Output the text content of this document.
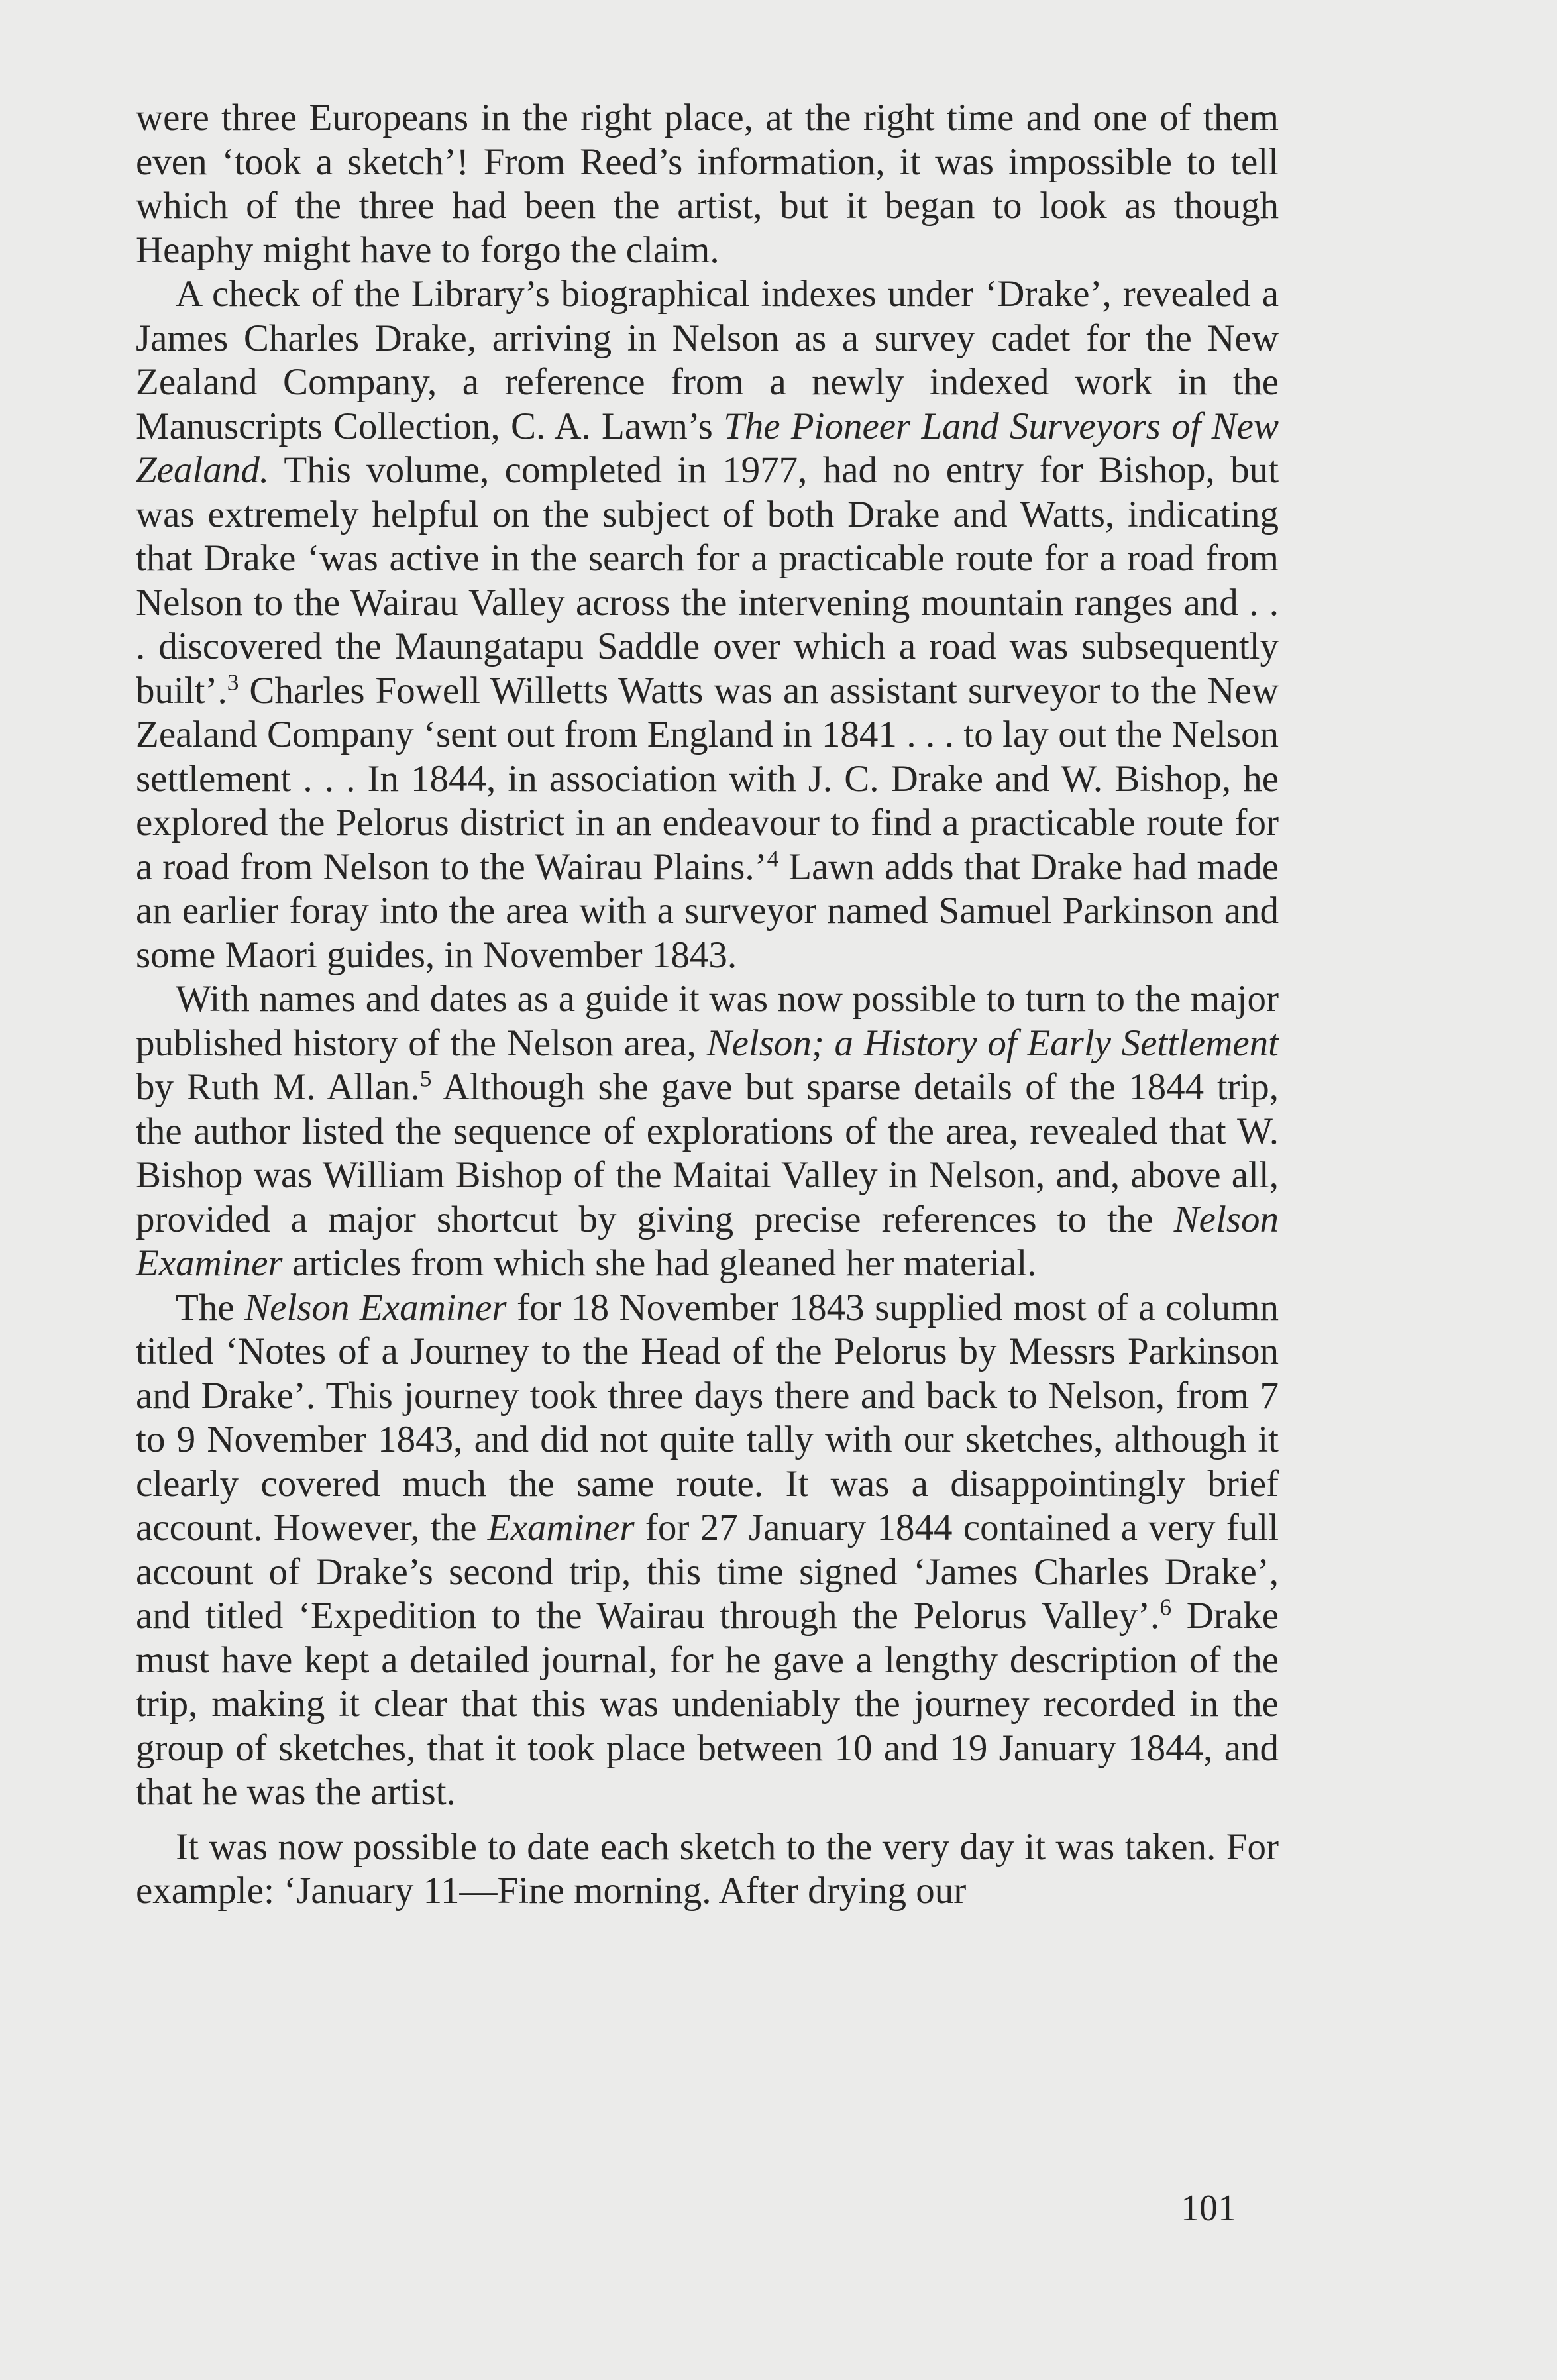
were three Europeans in the right place, at the right time and one of them even ‘took a sketch’! From Reed’s information, it was impossible to tell which of the three had been the artist, but it began to look as though Heaphy might have to forgo the claim.

A check of the Library’s biographical indexes under ‘Drake’, revealed a James Charles Drake, arriving in Nelson as a survey cadet for the New Zealand Company, a reference from a newly indexed work in the Manuscripts Collection, C. A. Lawn’s The Pioneer Land Surveyors of New Zealand. This volume, completed in 1977, had no entry for Bishop, but was extremely helpful on the subject of both Drake and Watts, indicating that Drake ‘was active in the search for a practicable route for a road from Nelson to the Wairau Valley across the intervening mountain ranges and . . . discovered the Maungatapu Saddle over which a road was subsequently built’.$^3$ Charles Fowell Willetts Watts was an assistant surveyor to the New Zealand Company ‘sent out from England in 1841 . . . to lay out the Nelson settlement . . . In 1844, in association with J. C. Drake and W. Bishop, he explored the Pelorus district in an endeavour to find a practicable route for a road from Nelson to the Wairau Plains.’$^4$ Lawn adds that Drake had made an earlier foray into the area with a surveyor named Samuel Parkinson and some Maori guides, in November 1843.

With names and dates as a guide it was now possible to turn to the major published history of the Nelson area, Nelson; a History of Early Settlement by Ruth M. Allan.$^5$ Although she gave but sparse details of the 1844 trip, the author listed the sequence of explorations of the area, revealed that W. Bishop was William Bishop of the Maitai Valley in Nelson, and, above all, provided a major shortcut by giving precise references to the Nelson Examiner articles from which she had gleaned her material.

The Nelson Examiner for 18 November 1843 supplied most of a column titled ‘Notes of a Journey to the Head of the Pelorus by Messrs Parkinson and Drake’. This journey took three days there and back to Nelson, from 7 to 9 November 1843, and did not quite tally with our sketches, although it clearly covered much the same route. It was a disappointingly brief account. However, the Examiner for 27 January 1844 contained a very full account of Drake’s second trip, this time signed ‘James Charles Drake’, and titled ‘Expedition to the Wairau through the Pelorus Valley’.$^6$ Drake must have kept a detailed journal, for he gave a lengthy description of the trip, making it clear that this was undeniably the journey recorded in the group of sketches, that it took place between 10 and 19 January 1844, and that he was the artist.

It was now possible to date each sketch to the very day it was taken. For example: ‘January 11—Fine morning. After drying our

101
